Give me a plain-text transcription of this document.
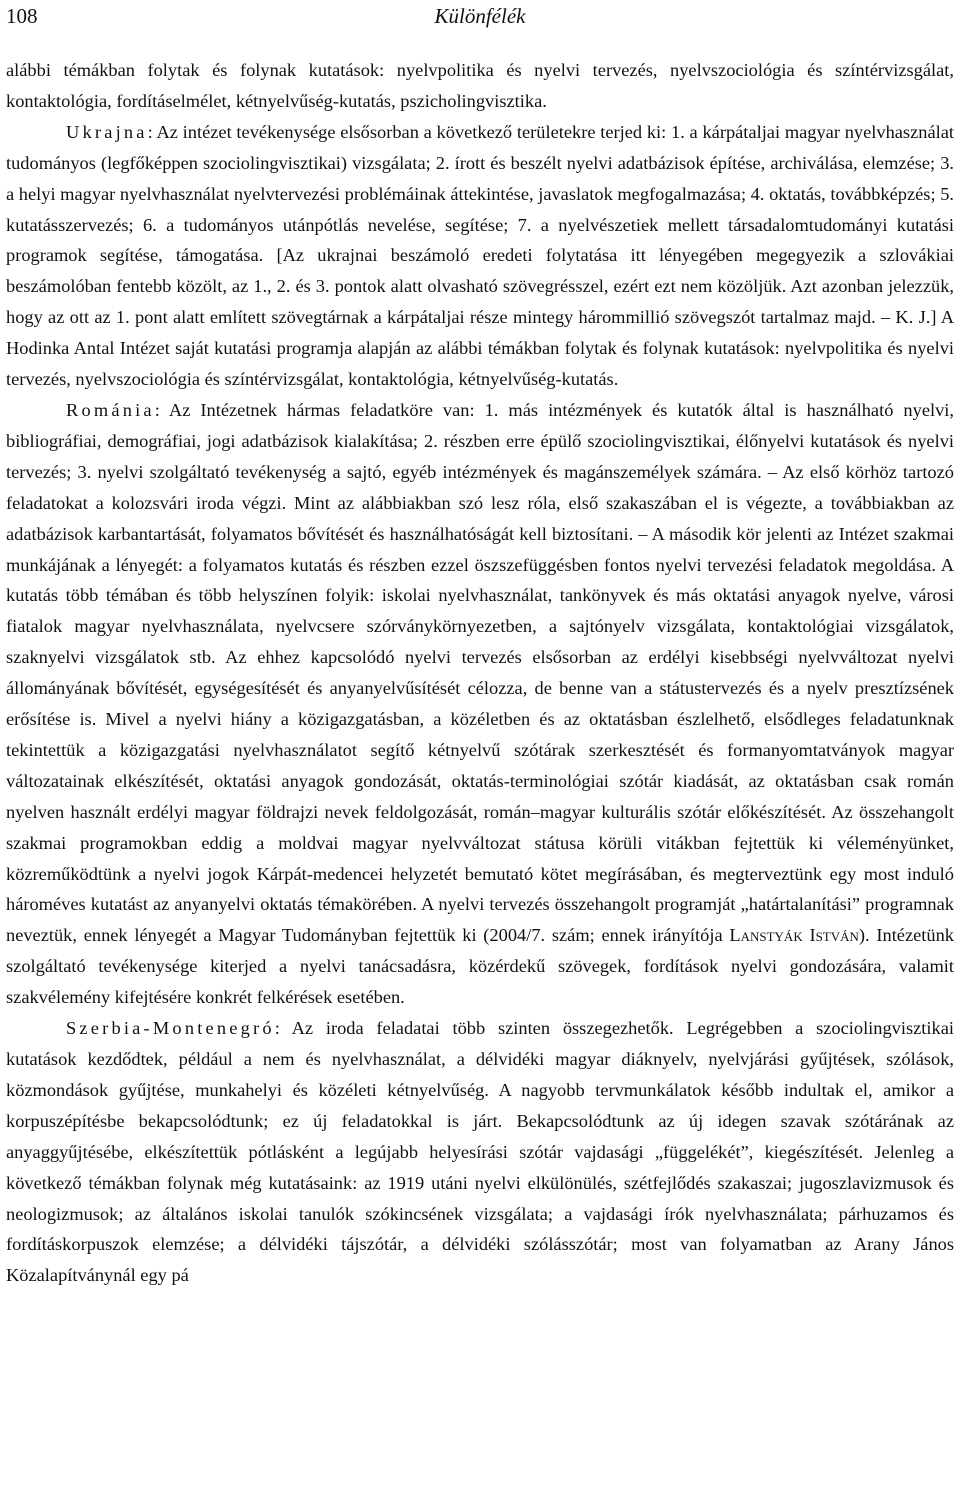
108	Különfélék

alábbi témákban folytak és folynak kutatások: nyelvpolitika és nyelvi tervezés, nyelvszociológia és színtérvizsgálat, kontaktológia, fordításelmélet, kétnyelvűség-kutatás, pszicholingvisztika.

Ukrajna: Az intézet tevékenysége elsősorban a következő területekre terjed ki: 1. a kárpátaljai magyar nyelvhasználat tudományos (legfőképpen szociolingvisztikai) vizsgálata; 2. írott és beszélt nyelvi adatbázisok építése, archiválása, elemzése; 3. a helyi magyar nyelvhasználat nyelvtervezési problémáinak áttekintése, javaslatok megfogalmazása; 4. oktatás, továbbképzés; 5. kutatásszervezés; 6. a tudományos utánpótlás nevelése, segítése; 7. a nyelvészetiek mellett társadalomtudományi kutatási programok segítése, támogatása. [Az ukrajnai beszámoló eredeti folytatása itt lényegében megegyezik a szlovákiai beszámolóban fentebb közölt, az 1., 2. és 3. pontok alatt olvasható szövegrésszel, ezért ezt nem közöljük. Azt azonban jelezzük, hogy az ott az 1. pont alatt említett szövegtárnak a kárpátaljai része mintegy hárommillió szövegszót tartalmaz majd. – K. J.] A Hodinka Antal Intézet saját kutatási programja alapján az alábbi témákban folytak és folynak kutatások: nyelvpolitika és nyelvi tervezés, nyelvszociológia és színtérvizsgálat, kontaktológia, kétnyelvűség-kutatás.

Románia: Az Intézetnek hármas feladatköre van: 1. más intézmények és kutatók által is használható nyelvi, bibliográfiai, demográfiai, jogi adatbázisok kialakítása; 2. részben erre épülő szociolingvisztikai, élőnyelvi kutatások és nyelvi tervezés; 3. nyelvi szolgáltató tevékenység a sajtó, egyéb intézmények és magánszemélyek számára. – Az első körhöz tartozó feladatokat a kolozsvári iroda végzi. Mint az alábbiakban szó lesz róla, első szakaszában el is végezte, a továbbiakban az adatbázisok karbantartását, folyamatos bővítését és használhatóságát kell biztosítani. – A második kör jelenti az Intézet szakmai munkájának a lényegét: a folyamatos kutatás és részben ezzel öszszefüggésben fontos nyelvi tervezési feladatok megoldása. A kutatás több témában és több helyszínen folyik: iskolai nyelvhasználat, tankönyvek és más oktatási anyagok nyelve, városi fiatalok magyar nyelvhasználata, nyelvcsere szórványkörnyezetben, a sajtónyelv vizsgálata, kontaktológiai vizsgálatok, szaknyelvi vizsgálatok stb. Az ehhez kapcsolódó nyelvi tervezés elsősorban az erdélyi kisebbségi nyelvváltozat nyelvi állományának bővítését, egységesítését és anyanyelvűsítését célozza, de benne van a státustervezés és a nyelv presztízsének erősítése is. Mivel a nyelvi hiány a közigazgatásban, a közéletben és az oktatásban észlelhető, elsődleges feladatunknak tekintettük a közigazgatási nyelvhasználatot segítő kétnyelvű szótárak szerkesztését és formanyomtatványok magyar változatainak elkészítését, oktatási anyagok gondozását, oktatás-terminológiai szótár kiadását, az oktatásban csak román nyelven használt erdélyi magyar földrajzi nevek feldolgozását, román–magyar kulturális szótár előkészítését. Az összehangolt szakmai programokban eddig a moldvai magyar nyelvváltozat státusa körüli vitákban fejtettük ki véleményünket, közreműködtünk a nyelvi jogok Kárpát-medencei helyzetét bemutató kötet megírásában, és megterveztünk egy most induló hároméves kutatást az anyanyelvi oktatás témakörében. A nyelvi tervezés összehangolt programját „határtalanítási” programnak neveztük, ennek lényegét a Magyar Tudományban fejtettük ki (2004/7. szám; ennek irányítója Lanstyák István). Intézetünk szolgáltató tevékenysége kiterjed a nyelvi tanácsadásra, közérdekű szövegek, fordítások nyelvi gondozására, valamit szakvélemény kifejtésére konkrét felkérések esetében.

Szerbia-Montenegró: Az iroda feladatai több szinten összegezhetők. Legrégebben a szociolingvisztikai kutatások kezdődtek, például a nem és nyelvhasználat, a délvidéki magyar diáknyelv, nyelvjárási gyűjtések, szólások, közmondások gyűjtése, munkahelyi és közéleti kétnyelvűség. A nagyobb tervmunkálatok később indultak el, amikor a korpuszépítésbe bekapcsolódtunk; ez új feladatokkal is járt. Bekapcsolódtunk az új idegen szavak szótárának az anyaggyűjtésébe, elkészítettük pótlásként a legújabb helyesírási szótár vajdasági „függelékét”, kiegészítését. Jelenleg a következő témákban folynak még kutatásaink: az 1919 utáni nyelvi elkülönülés, szétfejlődés szakaszai; jugoszlavizmusok és neologizmusok; az általános iskolai tanulók szókincsének vizsgálata; a vajdasági írók nyelvhasználata; párhuzamos és fordításkorpuszok elemzése; a délvidéki tájszótár, a délvidéki szólásszótár; most van folyamatban az Arany János Közalapítványnál egy pá
